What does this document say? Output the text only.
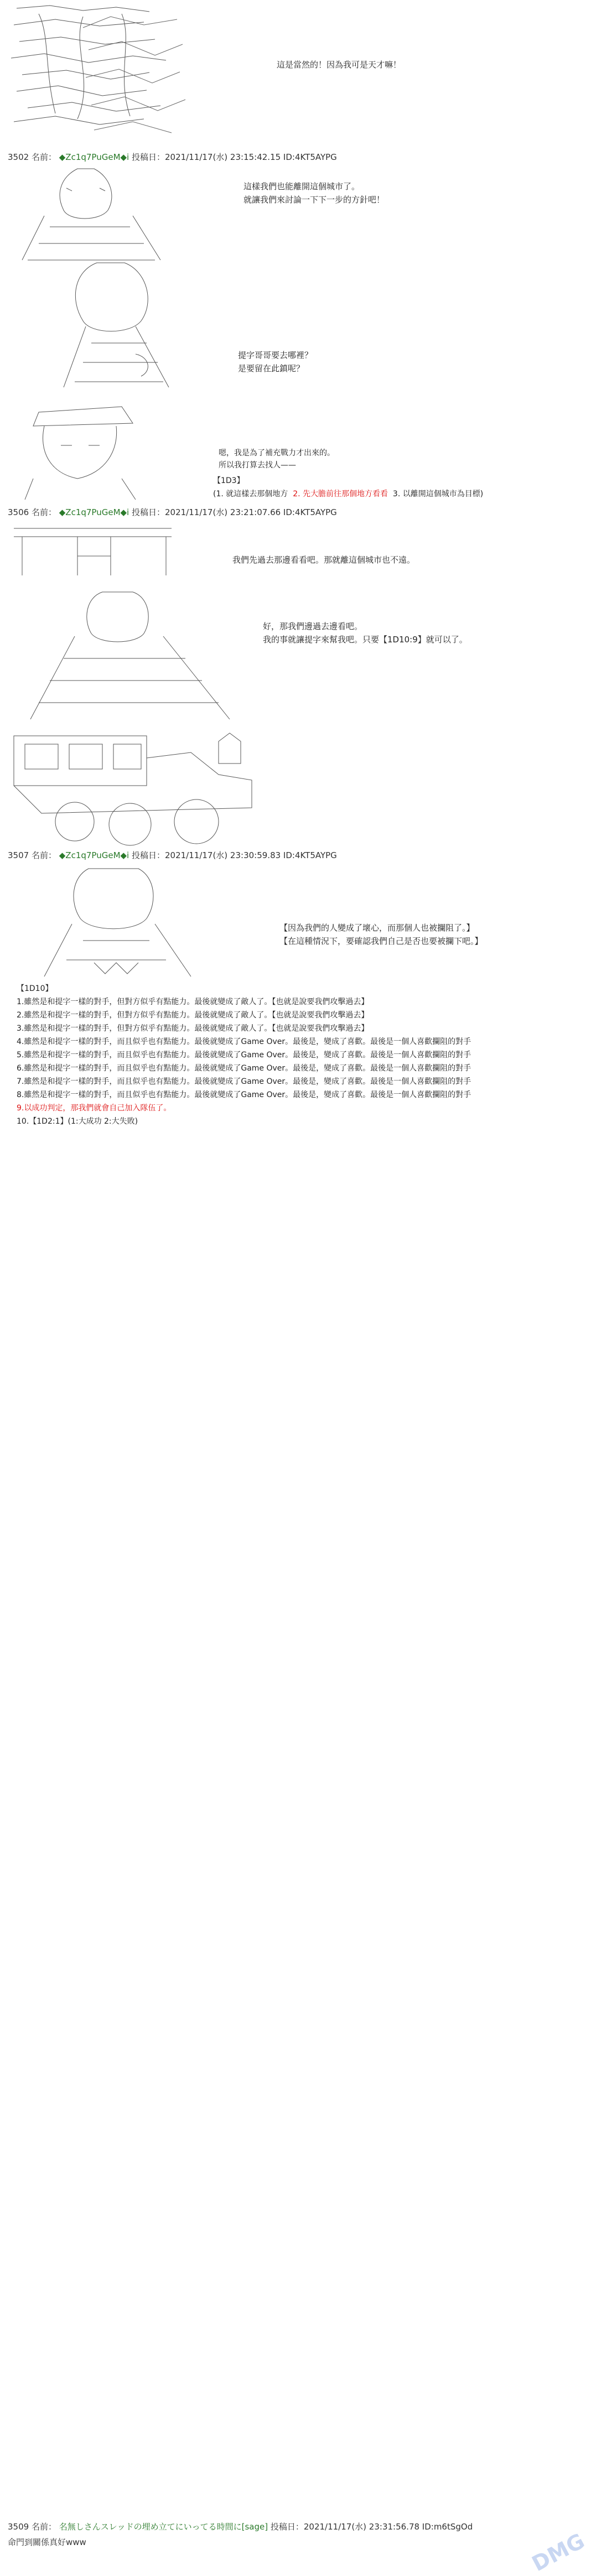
這是當然的！因為我可是天才嘛！
3502 名前： ◆Zc1q7PuGeM◆i 投稿日：2021/11/17(水) 23:15:42.15 ID:4KT5AYPG

這樣我們也能離開這個城市了。
就讓我們來討論一下下一步的方針吧！

提字哥哥要去哪裡？
是要留在此鎮呢？

嗯，我是為了補充戰力才出來的。
所以我打算去找人——
【1D3】
(1. 就這樣去那個地方 2. 先大膽前往那個地方看看 3. 以離開這個城市為目標)
3506 名前： ◆Zc1q7PuGeM◆i 投稿日：2021/11/17(水) 23:21:07.66 ID:4KT5AYPG

我們先過去那邊看看吧。那就離這個城市也不遠。

好，那我們邊過去邊看吧。
我的事就讓提字來幫我吧。只要【1D10:9】就可以了。

3507 名前： ◆Zc1q7PuGeM◆i 投稿日：2021/11/17(水) 23:30:59.83 ID:4KT5AYPG

【因為我們的人變成了壞心，而那個人也被攔阻了。】
【在這種情況下，要確認我們自己是否也要被攔下吧。】
【1D10】
1.雖然是和提字一樣的對手，但對方似乎有點能力。最後就變成了敵人了。【也就是說要我們攻擊過去】
2.雖然是和提字一樣的對手，但對方似乎有點能力。最後就變成了敵人了。【也就是說要我們攻擊過去】
3.雖然是和提字一樣的對手，但對方似乎有點能力。最後就變成了敵人了。【也就是說要我們攻擊過去】
4.雖然是和提字一樣的對手，而且似乎也有點能力。最後就變成了Game Over。最後是，變成了喜歡。最後是一個人喜歡攔阻的對手
5.雖然是和提字一樣的對手，而且似乎也有點能力。最後就變成了Game Over。最後是，變成了喜歡。最後是一個人喜歡攔阻的對手
6.雖然是和提字一樣的對手，而且似乎也有點能力。最後就變成了Game Over。最後是，變成了喜歡。最後是一個人喜歡攔阻的對手
7.雖然是和提字一樣的對手，而且似乎也有點能力。最後就變成了Game Over。最後是，變成了喜歡。最後是一個人喜歡攔阻的對手
8.雖然是和提字一樣的對手，而且似乎也有點能力。最後就變成了Game Over。最後是，變成了喜歡。最後是一個人喜歡攔阻的對手
9.以成功判定，那我們就會自己加入隊伍了。
10.【1D2:1】(1:大成功 2:大失敗)
3509 名前： 名無しさんスレッドの埋め立てにいってる時間に[sage] 投稿日：2021/11/17(水) 23:31:56.78 ID:m6tSgOd
命門到關係真好www	DMG
